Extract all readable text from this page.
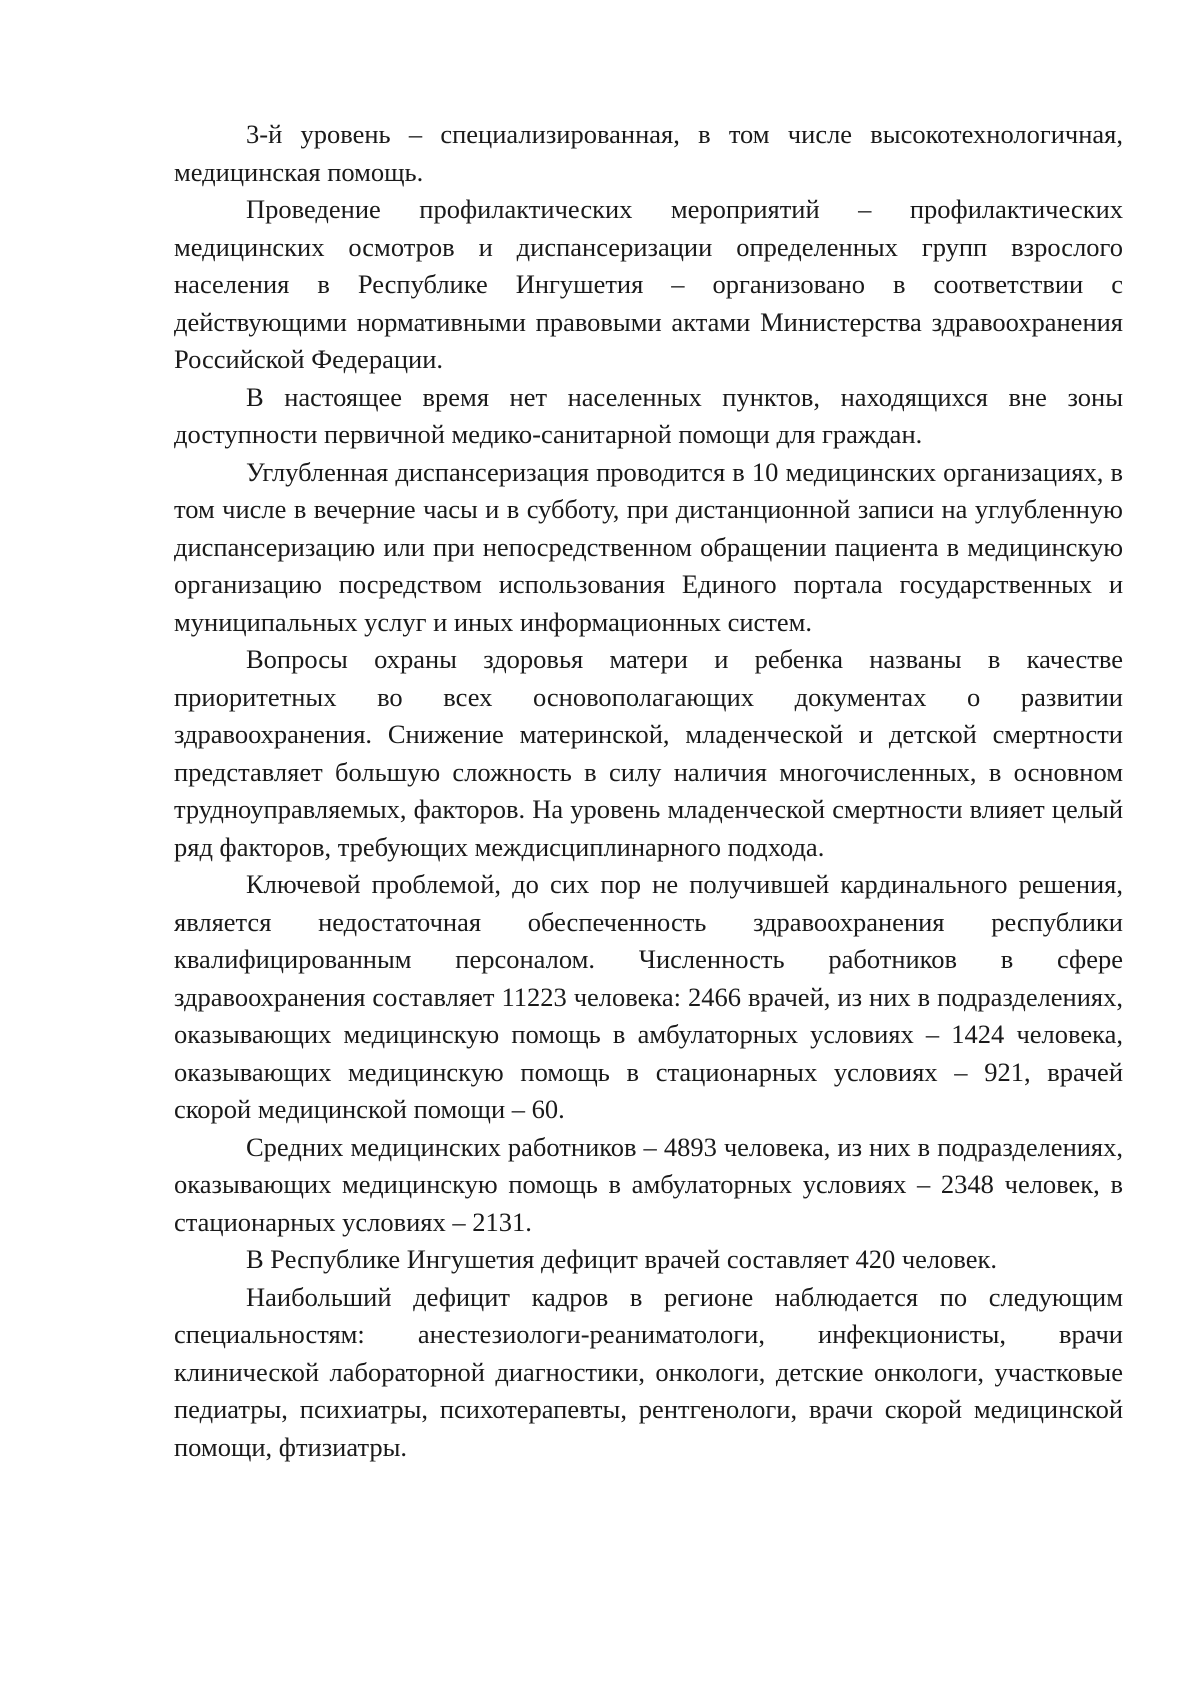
3-й уровень – специализированная, в том числе высокотехнологичная, медицинская помощь.

Проведение профилактических мероприятий – профилактических медицинских осмотров и диспансеризации определенных групп взрослого населения в Республике Ингушетия – организовано в соответствии с действующими нормативными правовыми актами Министерства здравоохранения Российской Федерации.

В настоящее время нет населенных пунктов, находящихся вне зоны доступности первичной медико-санитарной помощи для граждан.

Углубленная диспансеризация проводится в 10 медицинских организациях, в том числе в вечерние часы и в субботу, при дистанционной записи на углубленную диспансеризацию или при непосредственном обращении пациента в медицинскую организацию посредством использования Единого портала государственных и муниципальных услуг и иных информационных систем.

Вопросы охраны здоровья матери и ребенка названы в качестве приоритетных во всех основополагающих документах о развитии здравоохранения. Снижение материнской, младенческой и детской смертности представляет большую сложность в силу наличия многочисленных, в основном трудноуправляемых, факторов. На уровень младенческой смертности влияет целый ряд факторов, требующих междисциплинарного подхода.

Ключевой проблемой, до сих пор не получившей кардинального решения, является недостаточная обеспеченность здравоохранения республики квалифицированным персоналом. Численность работников в сфере здравоохранения составляет 11223 человека: 2466 врачей, из них в подразделениях, оказывающих медицинскую помощь в амбулаторных условиях – 1424 человека, оказывающих медицинскую помощь в стационарных условиях – 921, врачей скорой медицинской помощи – 60.

Средних медицинских работников – 4893 человека, из них в подразделениях, оказывающих медицинскую помощь в амбулаторных условиях – 2348 человек, в стационарных условиях – 2131.

В Республике Ингушетия дефицит врачей составляет 420 человек.

Наибольший дефицит кадров в регионе наблюдается по следующим специальностям: анестезиологи-реаниматологи, инфекционисты, врачи клинической лабораторной диагностики, онкологи, детские онкологи, участковые педиатры, психиатры, психотерапевты, рентгенологи, врачи скорой медицинской помощи, фтизиатры.
